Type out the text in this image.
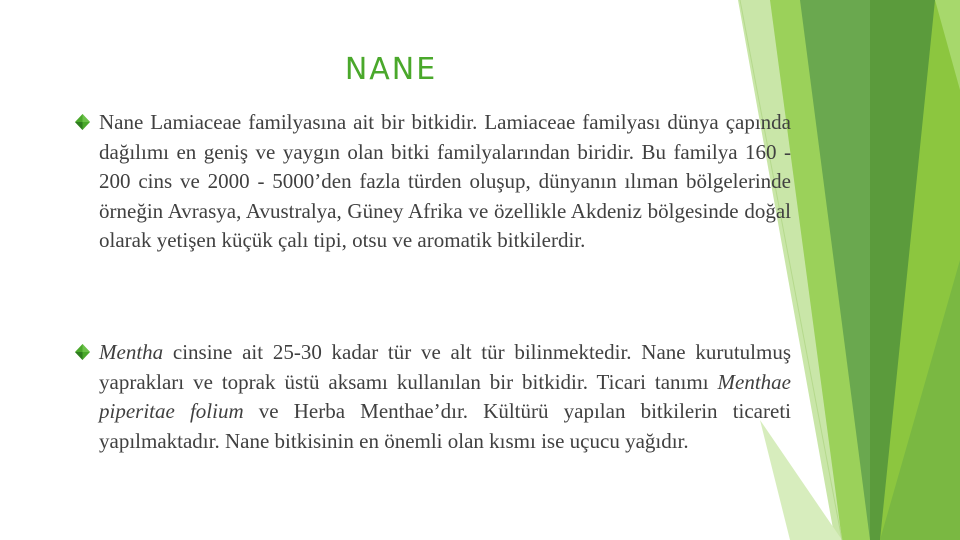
NANE

Nane Lamiaceae familyasına ait bir bitkidir. Lamiaceae familyası dünya çapında dağılımı en geniş ve yaygın olan bitki familyalarından biridir. Bu familya 160 - 200 cins ve 2000 - 5000’den fazla türden oluşup, dünyanın ılıman bölgelerinde örneğin Avrasya, Avustralya, Güney Afrika ve özellikle Akdeniz bölgesinde doğal olarak yetişen küçük çalı tipi, otsu ve aromatik bitkilerdir.

Mentha cinsine ait 25-30 kadar tür ve alt tür bilinmektedir. Nane kurutulmuş yaprakları ve toprak üstü aksamı kullanılan bir bitkidir. Ticari tanımı Menthae piperitae folium ve Herba Menthae’dır. Kültürü yapılan bitkilerin ticareti yapılmaktadır. Nane bitkisinin en önemli olan kısmı ise uçucu yağıdır.
